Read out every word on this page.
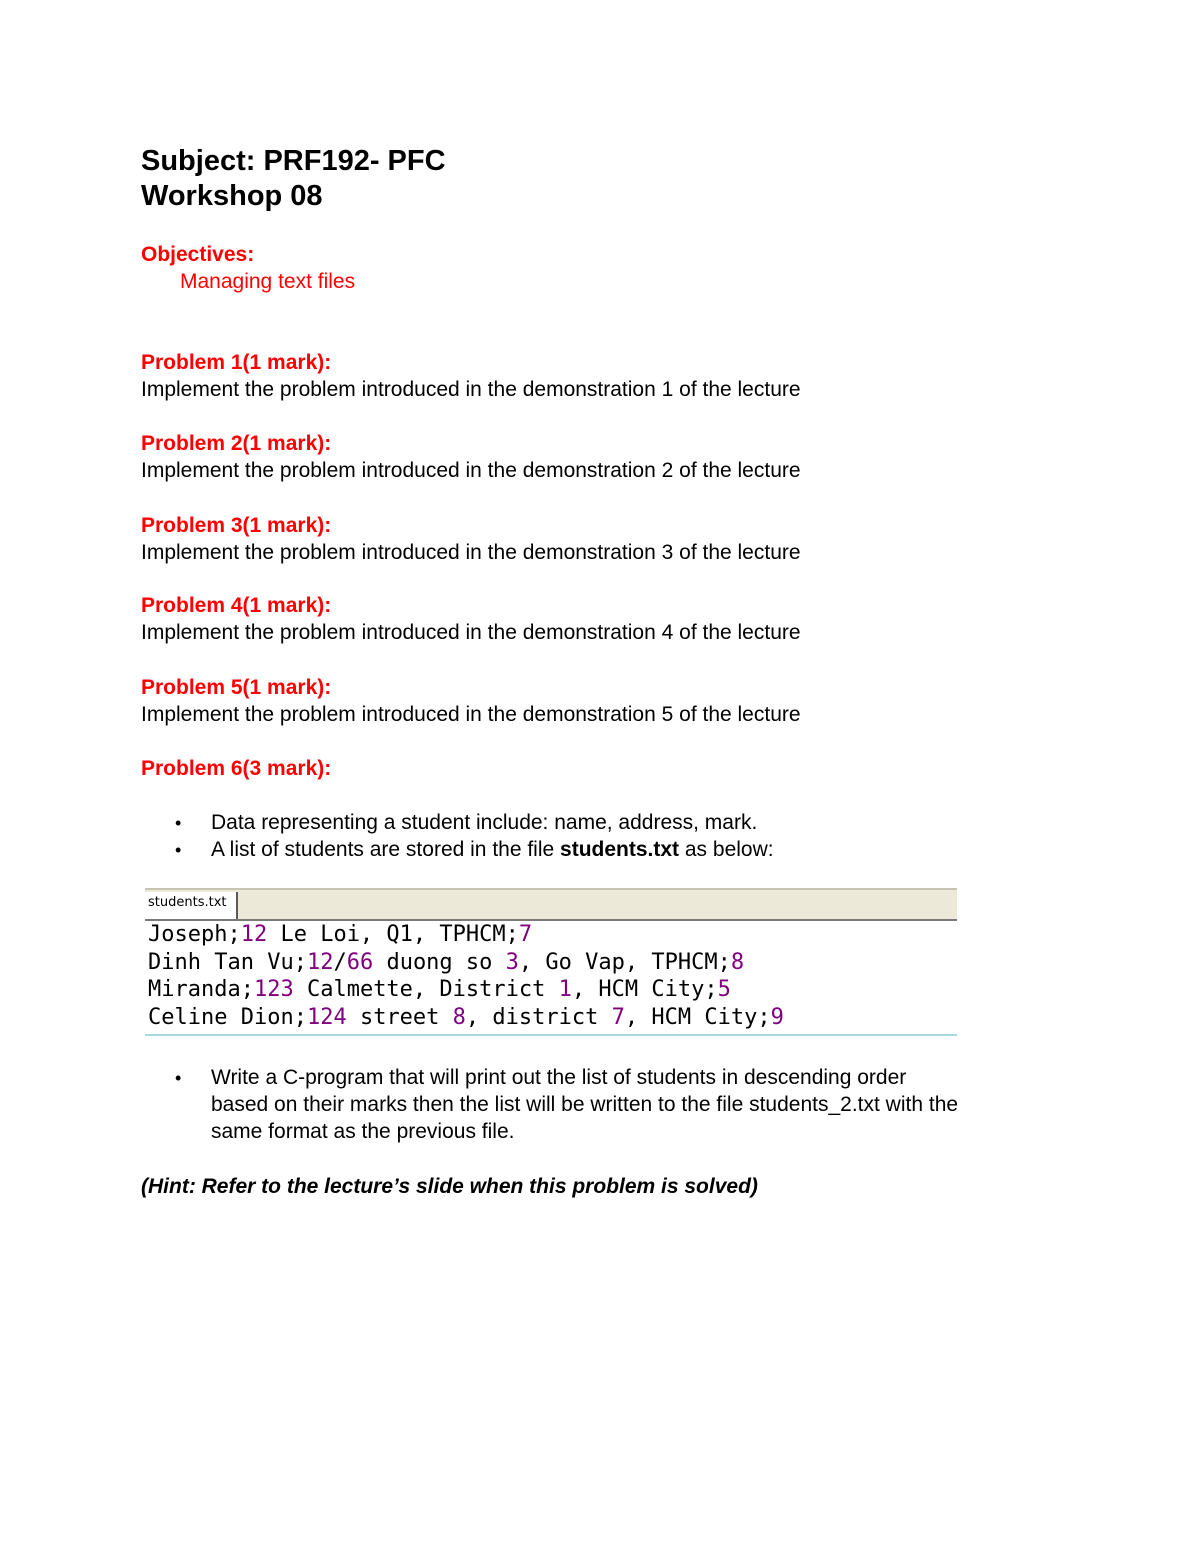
Subject: PRF192- PFC
Workshop 08
Objectives:
Managing text files
Problem 1(1 mark):
Implement the problem introduced in the demonstration 1 of the lecture
Problem 2(1 mark):
Implement the problem introduced in the demonstration 2 of the lecture
Problem 3(1 mark):
Implement the problem introduced in the demonstration 3 of the lecture
Problem 4(1 mark):
Implement the problem introduced in the demonstration 4 of the lecture
Problem 5(1 mark):
Implement the problem introduced in the demonstration 5 of the lecture
Problem 6(3 mark):
• Data representing a student include: name, address, mark.
• A list of students are stored in the file students.txt as below:
students.txt
Joseph;12 Le Loi, Q1, TPHCM;7
Dinh Tan Vu;12/66 duong so 3, Go Vap, TPHCM;8
Miranda;123 Calmette, District 1, HCM City;5
Celine Dion;124 street 8, district 7, HCM City;9
• Write a C-program that will print out the list of students in descending order
based on their marks then the list will be written to the file students_2.txt with the
same format as the previous file.
(Hint: Refer to the lecture’s slide when this problem is solved)
